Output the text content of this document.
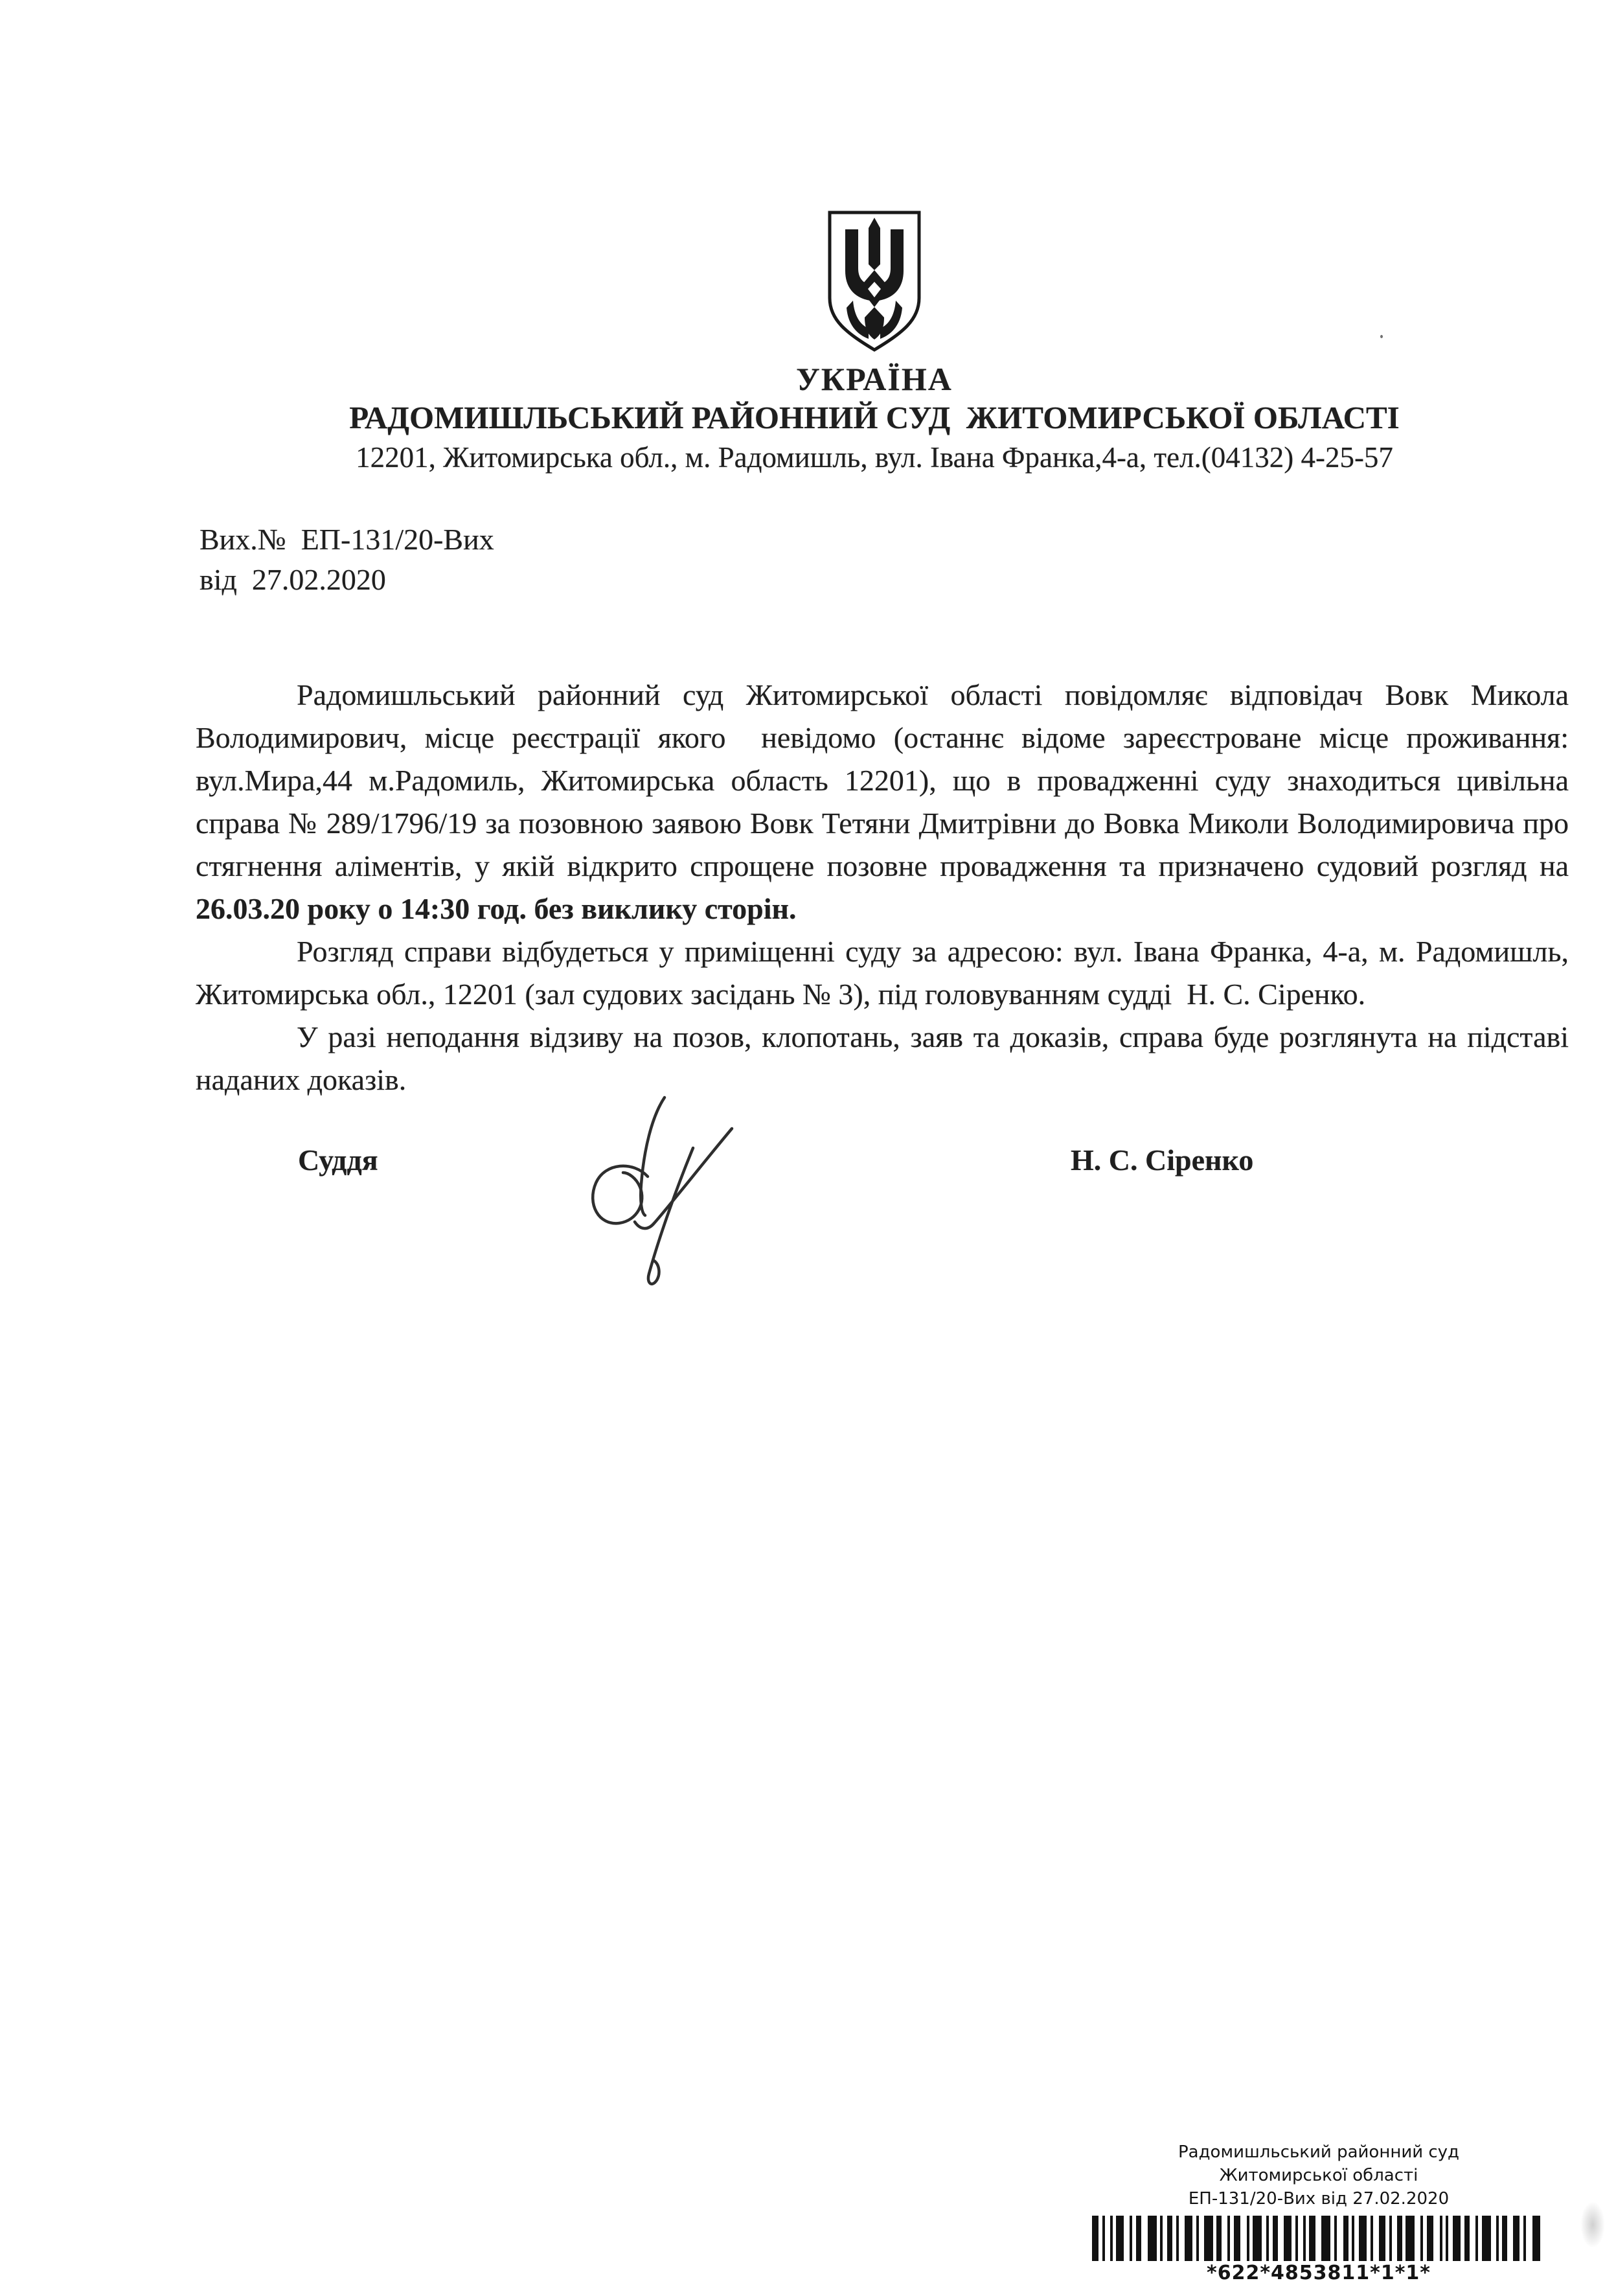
УКРАЇНА
РАДОМИШЛЬСЬКИЙ РАЙОННИЙ СУД  ЖИТОМИРСЬКОЇ ОБЛАСТІ
12201, Житомирська обл., м. Радомишль, вул. Івана Франка,4-а, тел.(04132) 4-25-57
Вих.№  ЕП-131/20-Вих
від  27.02.2020

Радомишльський районний суд Житомирської області повідомляє відповідач Вовк Микола Володимирович, місце реєстрації якого  невідомо (останнє відоме зареєстроване місце проживання: вул.Мира,44 м.Радомиль, Житомирська область 12201), що в провадженні суду знаходиться цивільна справа № 289/1796/19 за позовною заявою Вовк Тетяни Дмитрівни до Вовка Миколи Володимировича про стягнення аліментів, у якій відкрито спрощене позовне провадження та призначено судовий розгляд на 26.03.20 року о 14:30 год. без виклику сторін.

Розгляд справи відбудеться у приміщенні суду за адресою: вул. Івана Франка, 4-а, м. Радомишль, Житомирська обл., 12201 (зал судових засідань № 3), під головуванням судді  Н. С. Сіренко.

У разі неподання відзиву на позов, клопотань, заяв та доказів, справа буде розглянута на підставі наданих доказів.

Суддя	Н. С. Сіренко
Радомишльський районний суд
Житомирської області
ЕП-131/20-Вих від 27.02.2020
*622*4853811*1*1*
